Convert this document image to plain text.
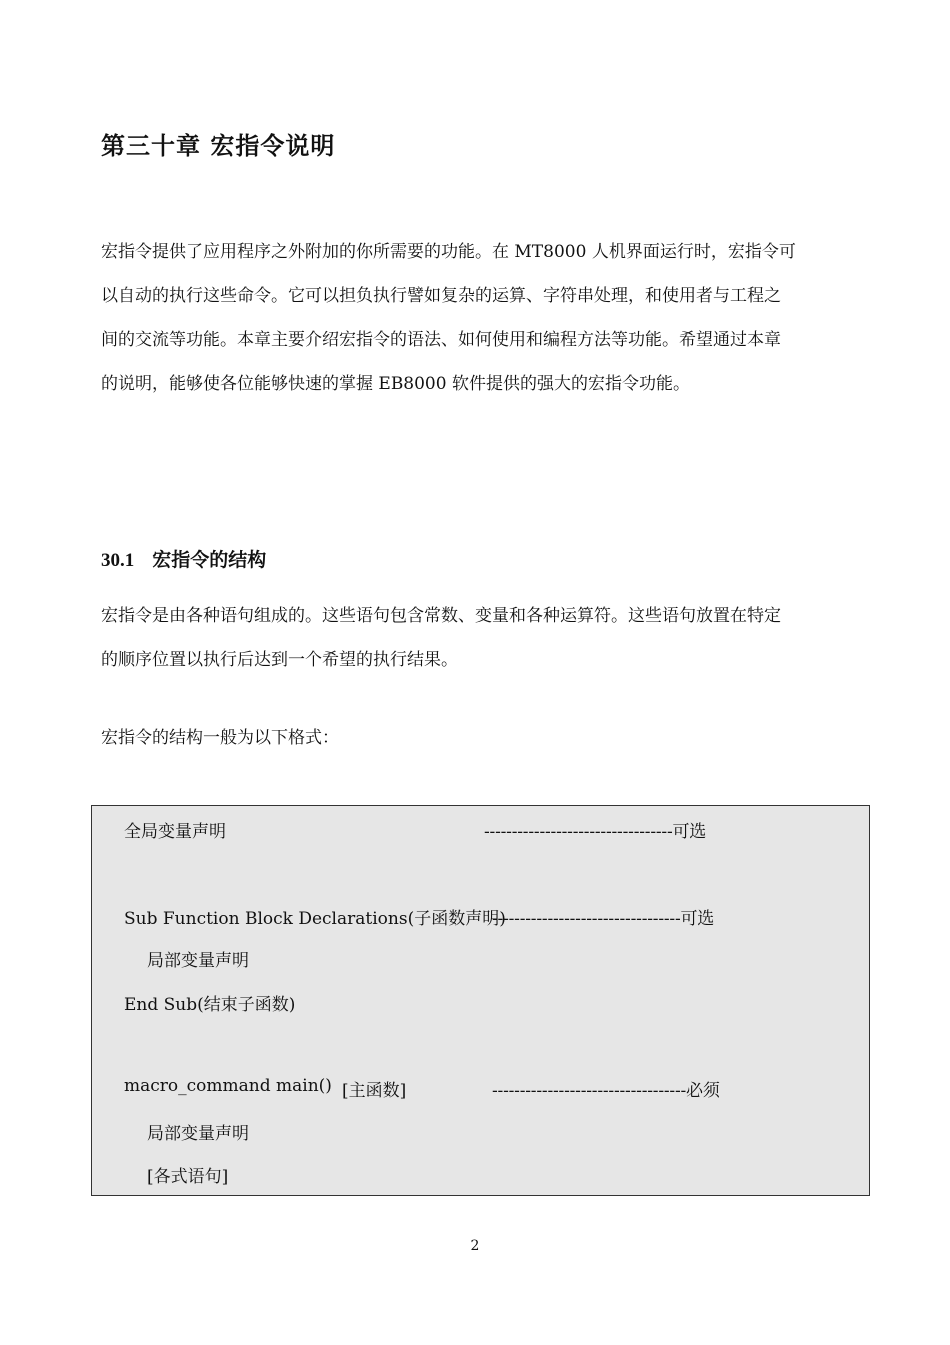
第三十章 宏指令说明
宏指令提供了应用程序之外附加的你所需要的功能。在 MT8000 人机界面运行时，宏指令可
以自动的执行这些命令。它可以担负执行譬如复杂的运算、字符串处理，和使用者与工程之
间的交流等功能。本章主要介绍宏指令的语法、如何使用和编程方法等功能。希望通过本章
的说明，能够使各位能够快速的掌握 EB8000 软件提供的强大的宏指令功能。
30.1 宏指令的结构
宏指令是由各种语句组成的。这些语句包含常数、变量和各种运算符。这些语句放置在特定
的顺序位置以执行后达到一个希望的执行结果。
宏指令的结构一般为以下格式：
全局变量声明	----------------------------------可选
Sub Function Block Declarations(子函数声明)
----------------------------------可选
局部变量声明
End Sub(结束子函数)
macro_command main() [主函数]	-----------------------------------必须
局部变量声明
[各式语句]
2
